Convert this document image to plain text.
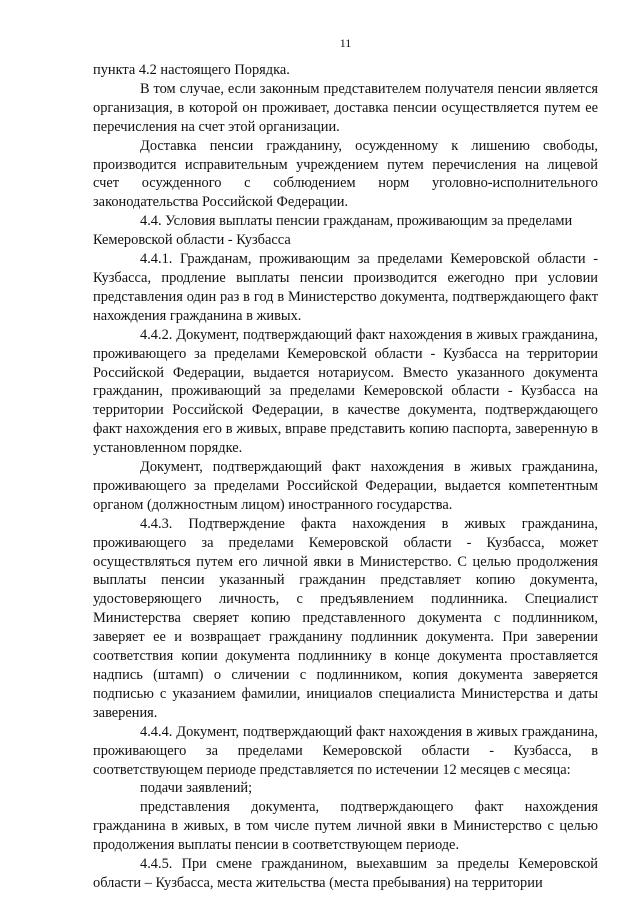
11

пункта 4.2 настоящего Порядка.

В том случае, если законным представителем получателя пенсии является организация, в которой он проживает, доставка пенсии осуществляется путем ее перечисления на счет этой организации.

Доставка пенсии гражданину, осужденному к лишению свободы, производится исправительным учреждением путем перечисления на лицевой счет осужденного с соблюдением норм уголовно-исполнительного законодательства Российской Федерации.

4.4. Условия выплаты пенсии гражданам, проживающим за пределами Кемеровской области - Кузбасса

4.4.1. Гражданам, проживающим за пределами Кемеровской области - Кузбасса, продление выплаты пенсии производится ежегодно при условии представления один раз в год в Министерство документа, подтверждающего факт нахождения гражданина в живых.

4.4.2. Документ, подтверждающий факт нахождения в живых гражданина, проживающего за пределами Кемеровской области - Кузбасса на территории Российской Федерации, выдается нотариусом. Вместо указанного документа гражданин, проживающий за пределами Кемеровской области - Кузбасса на территории Российской Федерации, в качестве документа, подтверждающего факт нахождения его в живых, вправе представить копию паспорта, заверенную в установленном порядке.

Документ, подтверждающий факт нахождения в живых гражданина, проживающего за пределами Российской Федерации, выдается компетентным органом (должностным лицом) иностранного государства.

4.4.3. Подтверждение факта нахождения в живых гражданина, проживающего за пределами Кемеровской области - Кузбасса, может осуществляться путем его личной явки в Министерство. С целью продолжения выплаты пенсии указанный гражданин представляет копию документа, удостоверяющего личность, с предъявлением подлинника. Специалист Министерства сверяет копию представленного документа с подлинником, заверяет ее и возвращает гражданину подлинник документа. При заверении соответствия копии документа подлиннику в конце документа проставляется надпись (штамп) о сличении с подлинником, копия документа заверяется подписью с указанием фамилии, инициалов специалиста Министерства и даты заверения.

4.4.4. Документ, подтверждающий факт нахождения в живых гражданина, проживающего за пределами Кемеровской области - Кузбасса, в соответствующем периоде представляется по истечении 12 месяцев с месяца:

подачи заявлений;

представления документа, подтверждающего факт нахождения гражданина в живых, в том числе путем личной явки в Министерство с целью продолжения выплаты пенсии в соответствующем периоде.

4.4.5. При смене гражданином, выехавшим за пределы Кемеровской области – Кузбасса, места жительства (места пребывания) на территории
